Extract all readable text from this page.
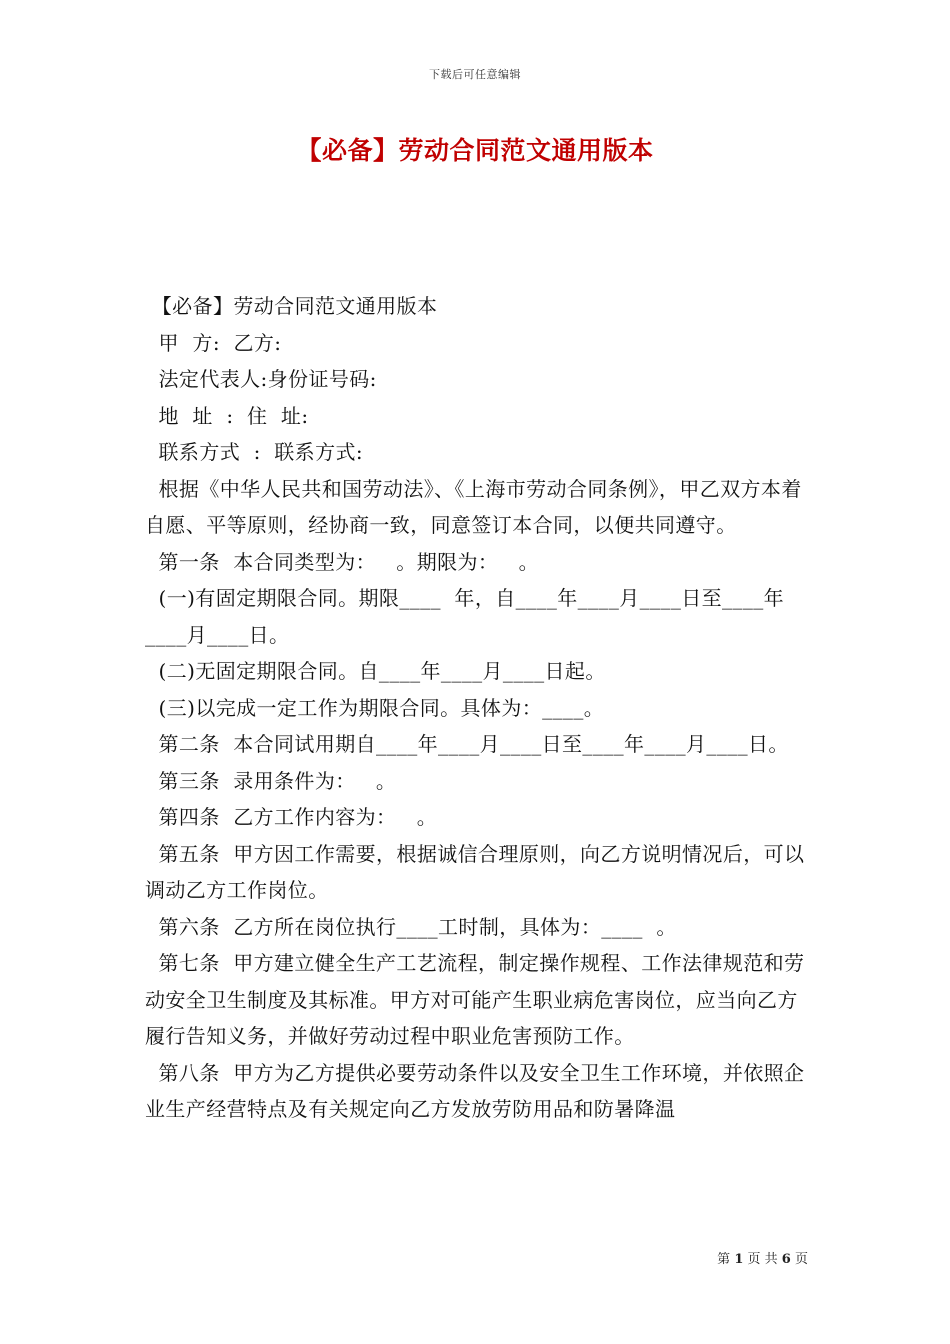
下载后可任意编辑
【必备】劳动合同范文通用版本

【必备】劳动合同范文通用版本

甲  方:  乙方:

法定代表人:身份证号码:

地  址  :  住  址:

联系方式  :  联系方式:

根据《中华人民共和国劳动法》、《上海市劳动合同条例》，甲乙双方本着自愿、平等原则，经协商一致，同意签订本合同，以便共同遵守。

第一条  本合同类型为：   。期限为：   。

(一)有固定期限合同。期限____  年，自____年____月____日至____年____月____日。

(二)无固定期限合同。自____年____月____日起。

(三)以完成一定工作为期限合同。具体为：____。

第二条  本合同试用期自____年____月____日至____年____月____日。

第三条  录用条件为：   。

第四条  乙方工作内容为：   。

第五条  甲方因工作需要，根据诚信合理原则，向乙方说明情况后，可以调动乙方工作岗位。

第六条  乙方所在岗位执行____工时制，具体为：____  。

第七条  甲方建立健全生产工艺流程，制定操作规程、工作法律规范和劳动安全卫生制度及其标准。甲方对可能产生职业病危害岗位，应当向乙方履行告知义务，并做好劳动过程中职业危害预防工作。

第八条  甲方为乙方提供必要劳动条件以及安全卫生工作环境，并依照企业生产经营特点及有关规定向乙方发放劳防用品和防暑降温

第 1 页 共 6 页
